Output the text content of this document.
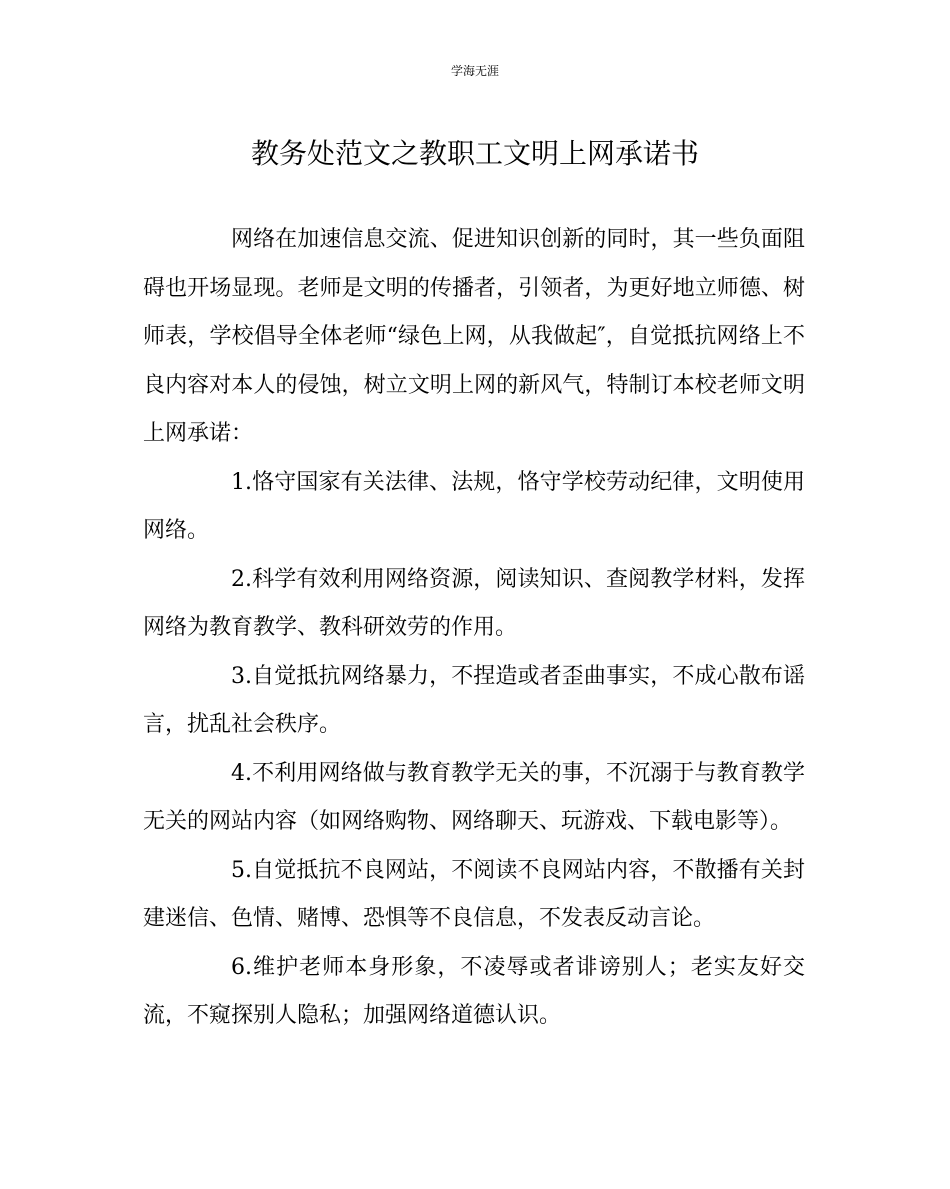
学海无涯
教务处范文之教职工文明上网承诺书

网络在加速信息交流、促进知识创新的同时，其一些负面阻碍也开场显现。老师是文明的传播者，引领者，为更好地立师德、树师表，学校倡导全体老师“绿色上网，从我做起″，自觉抵抗网络上不良内容对本人的侵蚀，树立文明上网的新风气，特制订本校老师文明上网承诺：

1.恪守国家有关法律、法规，恪守学校劳动纪律，文明使用网络。

2.科学有效利用网络资源，阅读知识、查阅教学材料，发挥网络为教育教学、教科研效劳的作用。

3.自觉抵抗网络暴力，不捏造或者歪曲事实，不成心散布谣言，扰乱社会秩序。

4.不利用网络做与教育教学无关的事，不沉溺于与教育教学无关的网站内容（如网络购物、网络聊天、玩游戏、下载电影等）。

5.自觉抵抗不良网站，不阅读不良网站内容，不散播有关封建迷信、色情、赌博、恐惧等不良信息，不发表反动言论。

6.维护老师本身形象，不凌辱或者诽谤别人；老实友好交流，不窥探别人隐私；加强网络道德认识。
